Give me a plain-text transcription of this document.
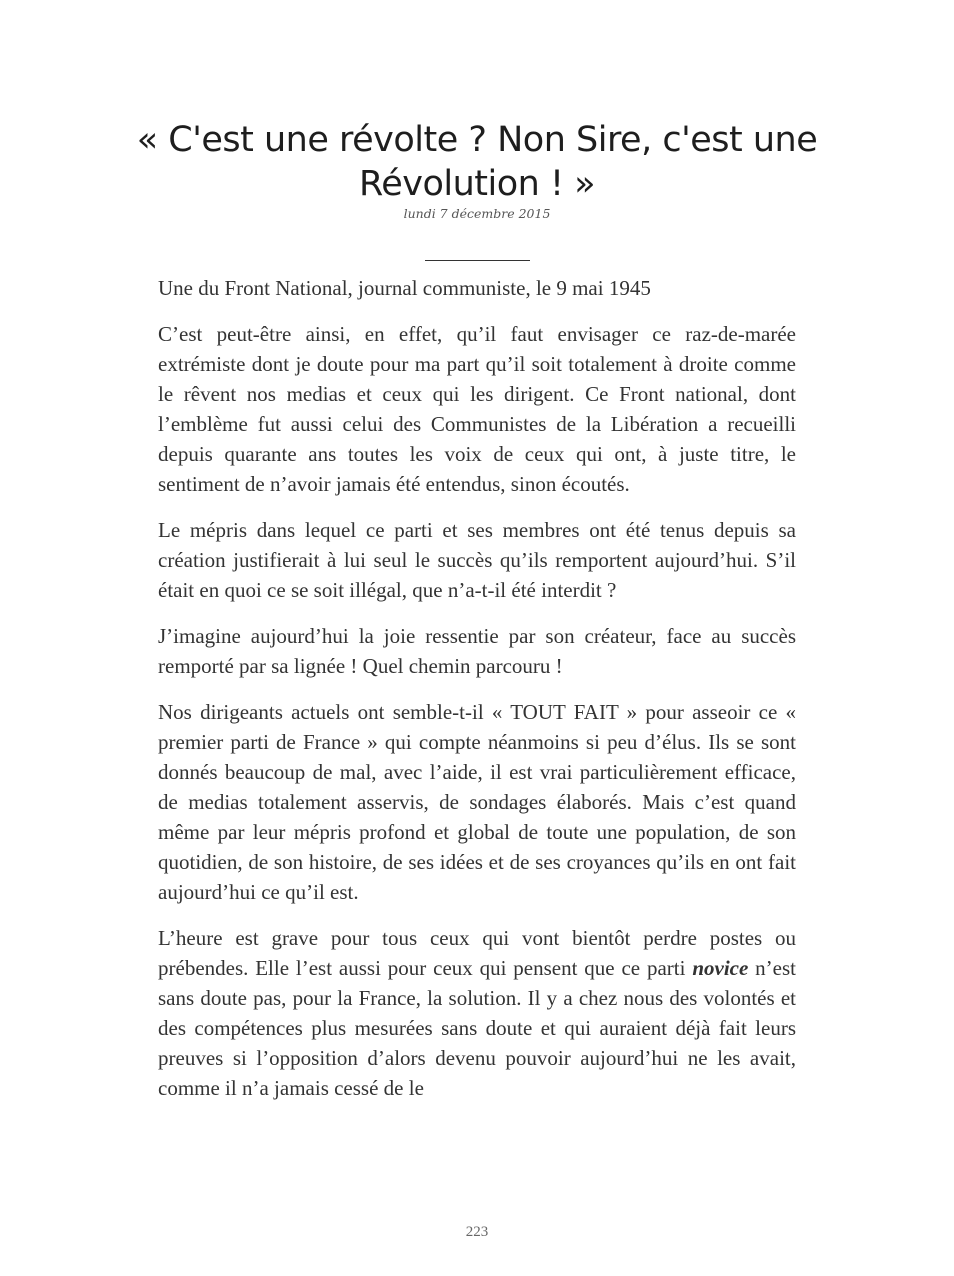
« C'est une révolte ? Non Sire, c'est une Révolution ! »
lundi 7 décembre 2015

Une du Front National, journal communiste, le 9 mai 1945

C’est peut-être ainsi, en effet, qu’il faut envisager ce raz-de-marée extrémiste dont je doute pour ma part qu’il soit totalement à droite comme le rêvent nos medias et ceux qui les dirigent. Ce Front national, dont l’emblème fut aussi celui des Communistes de la Libération a recueilli depuis quarante ans toutes les voix de ceux qui ont, à juste titre, le sentiment de n’avoir jamais été entendus, sinon écoutés.

Le mépris dans lequel ce parti et ses membres ont été tenus depuis sa création justifierait à lui seul le succès qu’ils remportent aujourd’hui. S’il était en quoi ce se soit illégal, que n’a-t-il été interdit ?

J’imagine aujourd’hui la joie ressentie par son créateur, face au succès remporté par sa lignée ! Quel chemin parcouru !

Nos dirigeants actuels ont semble-t-il « TOUT FAIT » pour asseoir ce « premier parti de France » qui compte néanmoins si peu d’élus. Ils se sont donnés beaucoup de mal, avec l’aide, il est vrai particulièrement efficace, de medias totalement asservis, de sondages élaborés. Mais c’est quand même par leur mépris profond et global de toute une population, de son quotidien, de son histoire, de ses idées et de ses croyances qu’ils en ont fait aujourd’hui ce qu’il est.

L’heure est grave pour tous ceux qui vont bientôt perdre postes ou prébendes. Elle l’est aussi pour ceux qui pensent que ce parti novice n’est sans doute pas, pour la France, la solution. Il y a chez nous des volontés et des compétences plus mesurées sans doute et qui auraient déjà fait leurs preuves si l’opposition d’alors devenu pouvoir aujourd’hui ne les avait, comme il n’a jamais cessé de le

223
